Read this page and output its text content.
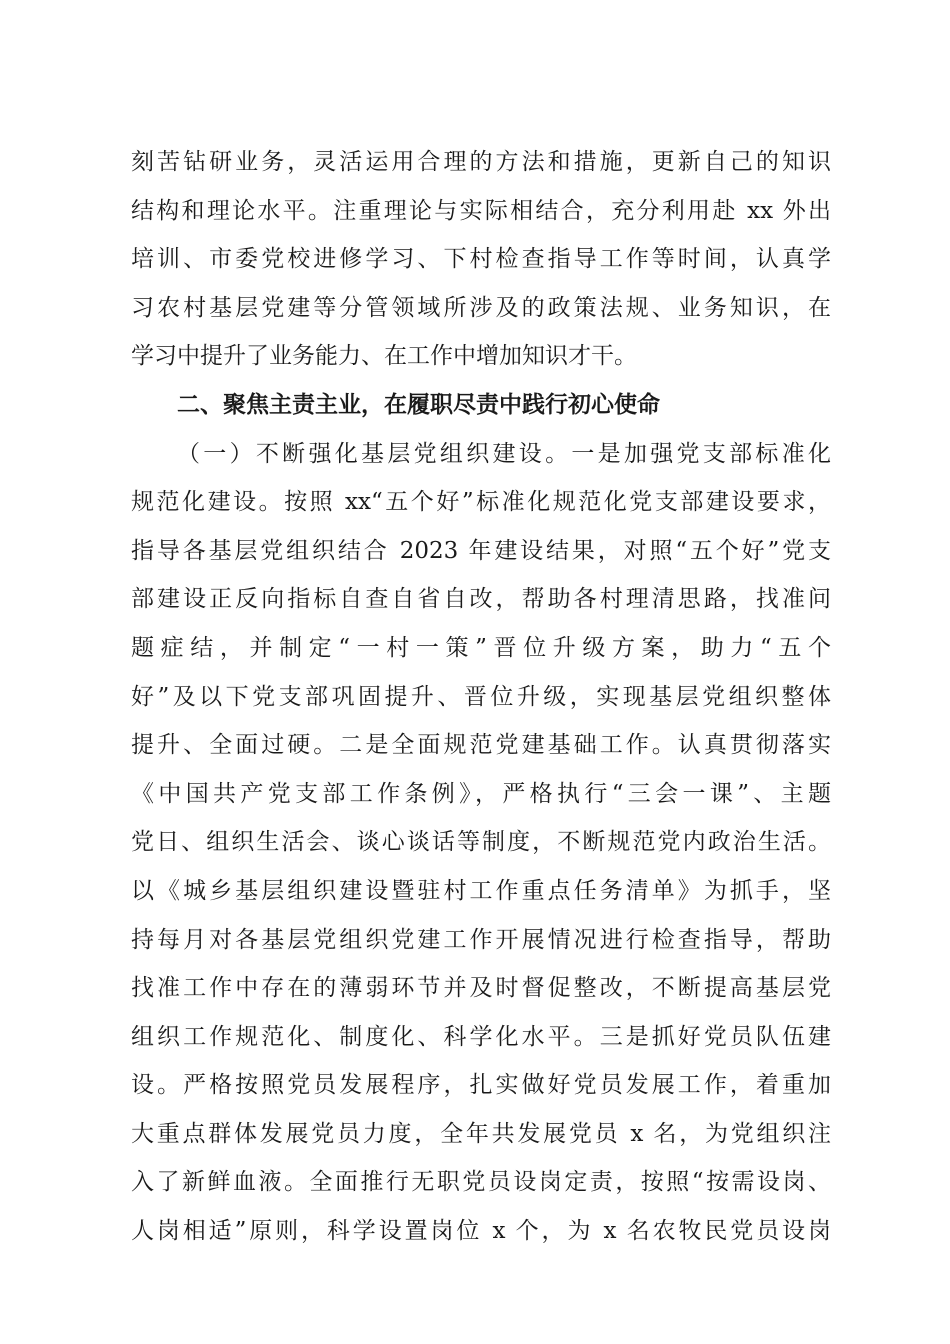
刻苦钻研业务，灵活运用合理的方法和措施，更新自己的知识
结构和理论水平。注重理论与实际相结合，充分利用赴 xx 外出
培训、市委党校进修学习、下村检查指导工作等时间，认真学
习农村基层党建等分管领域所涉及的政策法规、业务知识，在
学习中提升了业务能力、在工作中增加知识才干。
二、聚焦主责主业，在履职尽责中践行初心使命
（一）不断强化基层党组织建设。一是加强党支部标准化
规范化建设。按照 xx“五个好”标准化规范化党支部建设要求，
指导各基层党组织结合 2023 年建设结果，对照“五个好”党支
部建设正反向指标自查自省自改，帮助各村理清思路，找准问
题症结，并制定“一村一策”晋位升级方案，助力“五个
好”及以下党支部巩固提升、晋位升级，实现基层党组织整体
提升、全面过硬。二是全面规范党建基础工作。认真贯彻落实
《中国共产党支部工作条例》，严格执行“三会一课”、主题
党日、组织生活会、谈心谈话等制度，不断规范党内政治生活。
以《城乡基层组织建设暨驻村工作重点任务清单》为抓手，坚
持每月对各基层党组织党建工作开展情况进行检查指导，帮助
找准工作中存在的薄弱环节并及时督促整改，不断提高基层党
组织工作规范化、制度化、科学化水平。三是抓好党员队伍建
设。严格按照党员发展程序，扎实做好党员发展工作，着重加
大重点群体发展党员力度，全年共发展党员 x 名，为党组织注
入了新鲜血液。全面推行无职党员设岗定责，按照“按需设岗、
人岗相适”原则，科学设置岗位 x 个，为 x 名农牧民党员设岗
